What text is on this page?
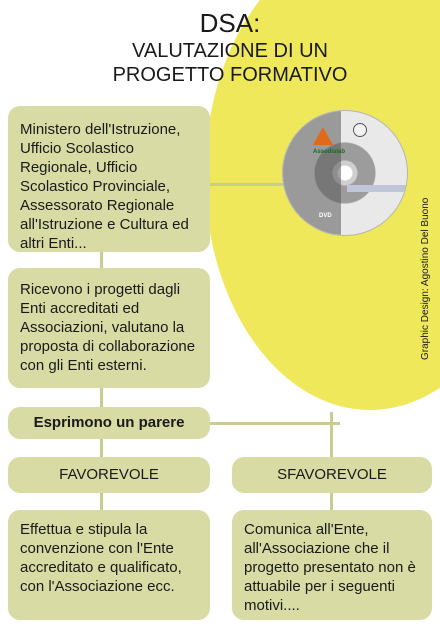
DSA:
VALUTAZIONE DI UN
PROGETTO FORMATIVO
Assodislab
DVD
Ministero dell'Istruzione, Ufficio Scolastico Regionale, Ufficio Scolastico Provinciale, Assessorato Regionale all'Istruzione e Cultura ed altri Enti...
Ricevono i progetti dagli Enti accreditati ed Associazioni, valutano la proposta di collaborazione con gli Enti esterni.
Esprimono un parere
FAVOREVOLE	SFAVOREVOLE
Effettua e stipula la convenzione con l'Ente accreditato e qualificato, con l'Associazione ecc.
Comunica all'Ente, all'Associazione che il progetto presentato non è attuabile per i seguenti motivi....
Graphic Design: Agostino Del Buono
